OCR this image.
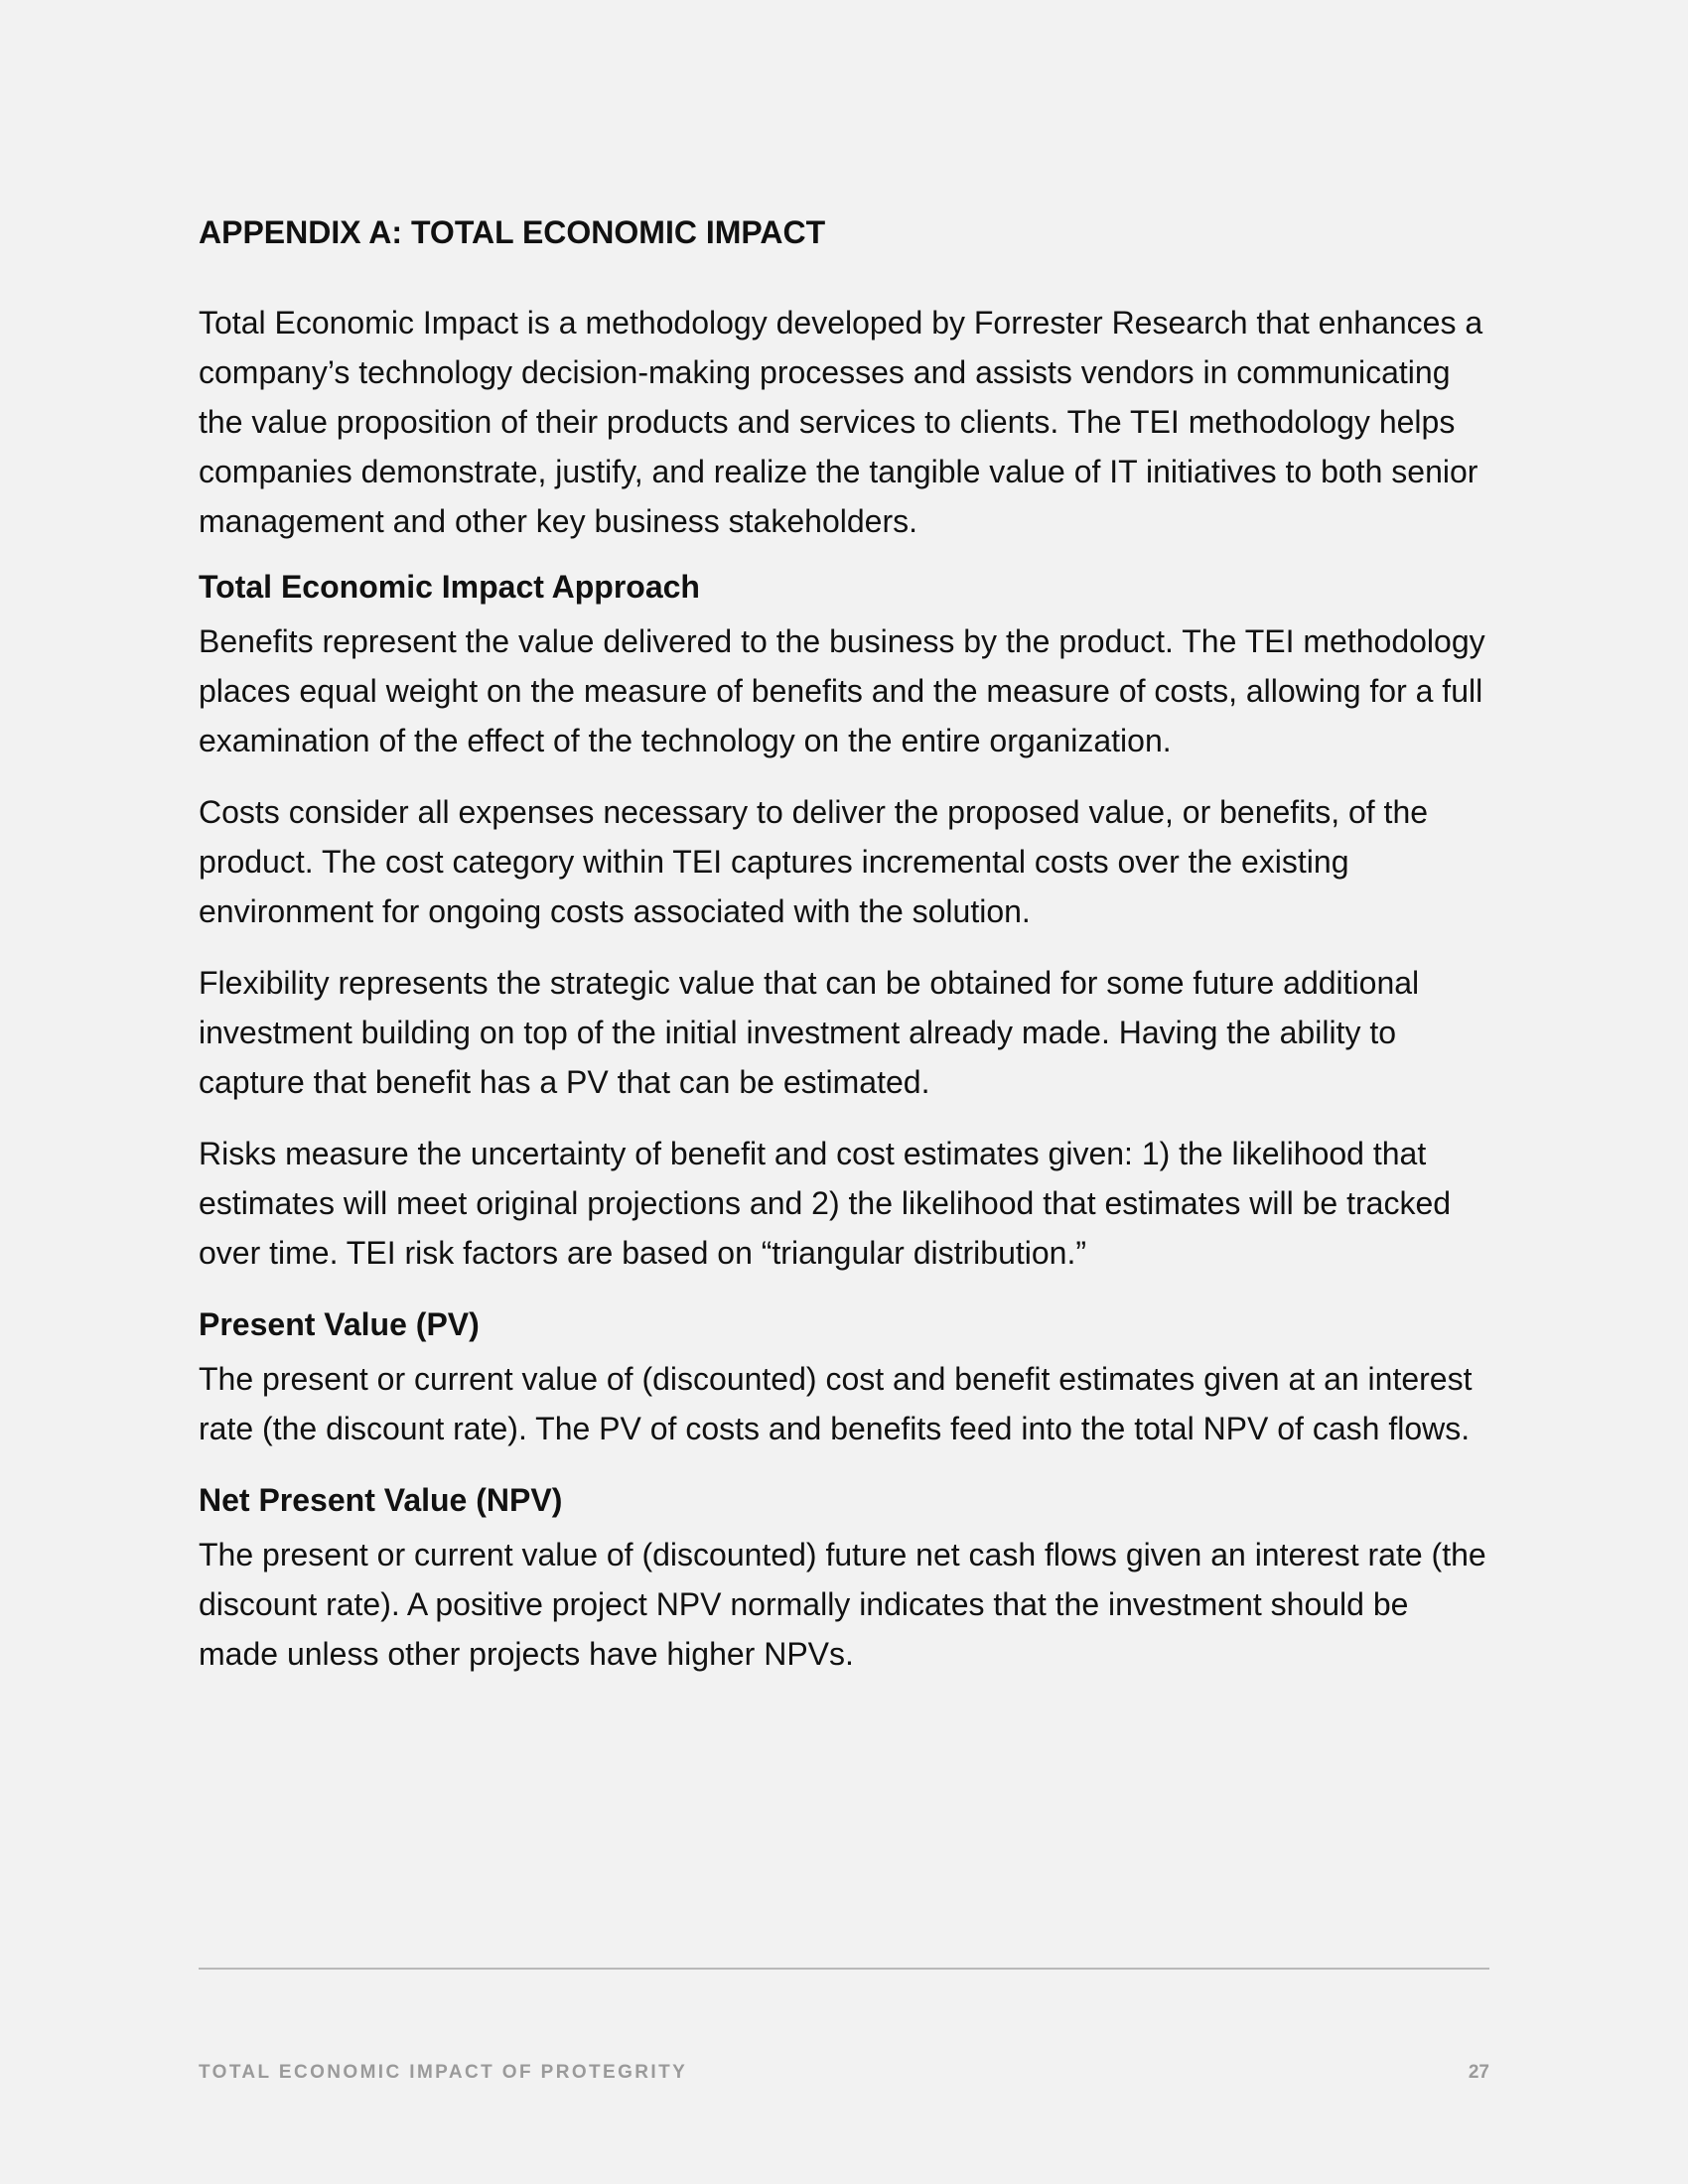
APPENDIX A: TOTAL ECONOMIC IMPACT

Total Economic Impact is a methodology developed by Forrester Research that enhances a company’s technology decision-making processes and assists vendors in communicating the value proposition of their products and services to clients. The TEI methodology helps companies demonstrate, justify, and realize the tangible value of IT initiatives to both senior management and other key business stakeholders.

Total Economic Impact Approach

Benefits represent the value delivered to the business by the product. The TEI methodology places equal weight on the measure of benefits and the measure of costs, allowing for a full examination of the effect of the technology on the entire organization.

Costs consider all expenses necessary to deliver the proposed value, or benefits, of the product. The cost category within TEI captures incremental costs over the existing environment for ongoing costs associated with the solution.

Flexibility represents the strategic value that can be obtained for some future additional investment building on top of the initial investment already made. Having the ability to capture that benefit has a PV that can be estimated.

Risks measure the uncertainty of benefit and cost estimates given: 1) the likelihood that estimates will meet original projections and 2) the likelihood that estimates will be tracked over time. TEI risk factors are based on “triangular distribution.”

Present Value (PV)

The present or current value of (discounted) cost and benefit estimates given at an interest rate (the discount rate). The PV of costs and benefits feed into the total NPV of cash flows.

Net Present Value (NPV)

The present or current value of (discounted) future net cash flows given an interest rate (the discount rate). A positive project NPV normally indicates that the investment should be made unless other projects have higher NPVs.

TOTAL ECONOMIC IMPACT OF PROTEGRITY	27
